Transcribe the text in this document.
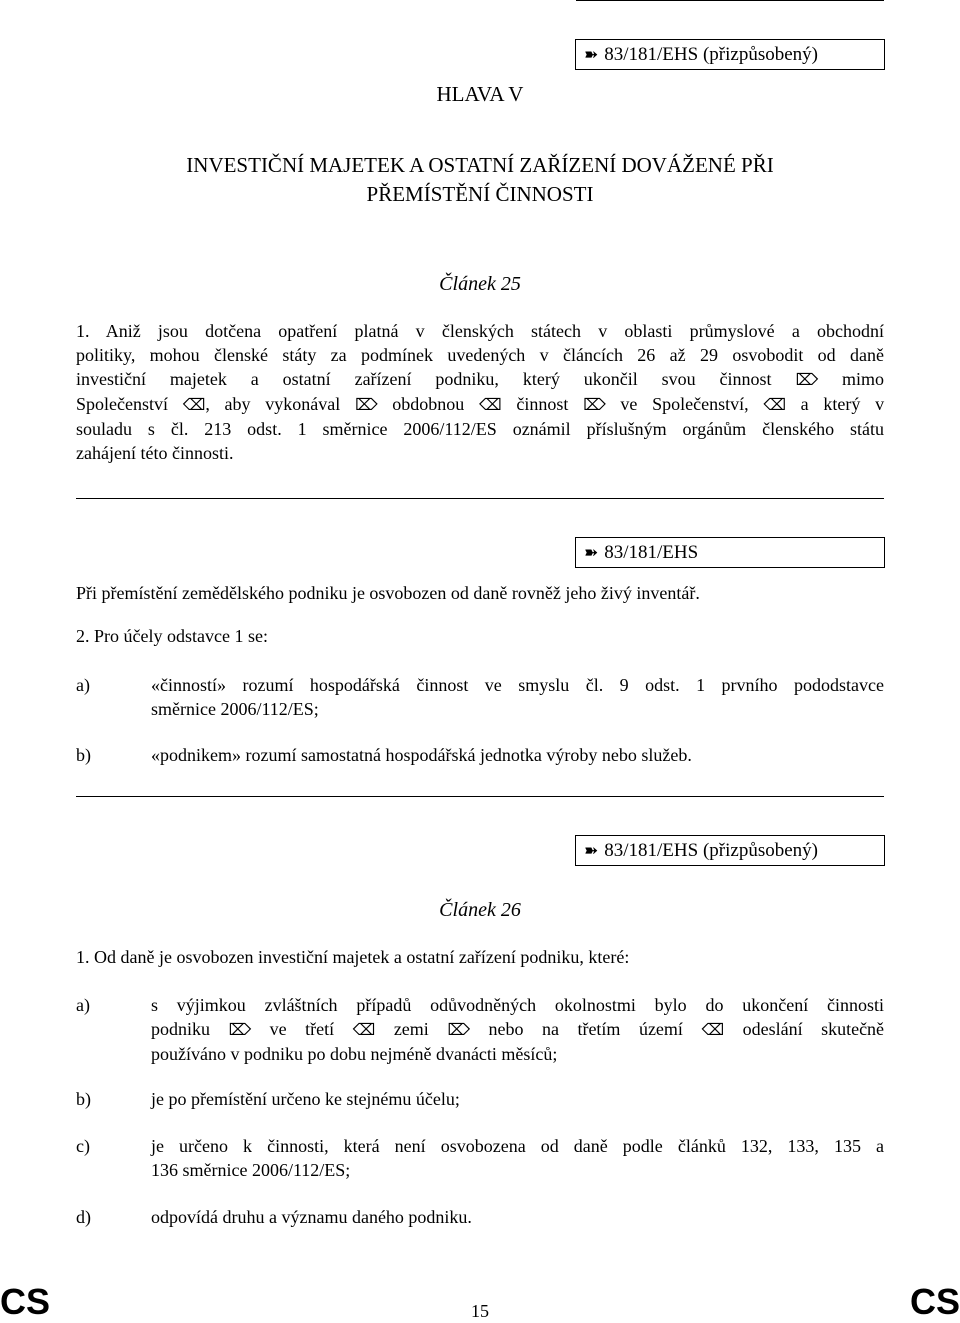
➽ 83/181/EHS (přizpůsobený)
HLAVA V
INVESTIČNÍ MAJETEK A OSTATNÍ ZAŘÍZENÍ DOVÁŽENÉ PŘI
PŘEMÍSTĚNÍ ČINNOSTI
Článek 25
1. Aniž jsou dotčena opatření platná v členských státech v oblasti průmyslové a obchodní
politiky, mohou členské státy za podmínek uvedených v článcích 26 až 29 osvobodit od daně
investiční majetek a ostatní zařízení podniku, který ukončil svou činnost ⌦ mimo
Společenství ⌫, aby vykonával ⌦ obdobnou ⌫ činnost ⌦ ve Společenství, ⌫ a který v
souladu s čl. 213 odst. 1 směrnice 2006/112/ES oznámil příslušným orgánům členského státu
zahájení této činnosti.
➽ 83/181/EHS
Při přemístění zemědělského podniku je osvobozen od daně rovněž jeho živý inventář.
2. Pro účely odstavce 1 se:
a)	«činností» rozumí hospodářská činnost ve smyslu čl. 9 odst. 1 prvního pododstavce
směrnice 2006/112/ES;
b)	«podnikem» rozumí samostatná hospodářská jednotka výroby nebo služeb.
➽ 83/181/EHS (přizpůsobený)
Článek 26
1. Od daně je osvobozen investiční majetek a ostatní zařízení podniku, které:
a)	s výjimkou zvláštních případů odůvodněných okolnostmi bylo do ukončení činnosti
podniku ⌦ ve třetí ⌫ zemi ⌦ nebo na třetím území ⌫ odeslání skutečně
používáno v podniku po dobu nejméně dvanácti měsíců;
b)	je po přemístění určeno ke stejnému účelu;
c)	je určeno k činnosti, která není osvobozena od daně podle článků 132, 133, 135 a
136 směrnice 2006/112/ES;
d)	odpovídá druhu a významu daného podniku.
CS	CS
15
